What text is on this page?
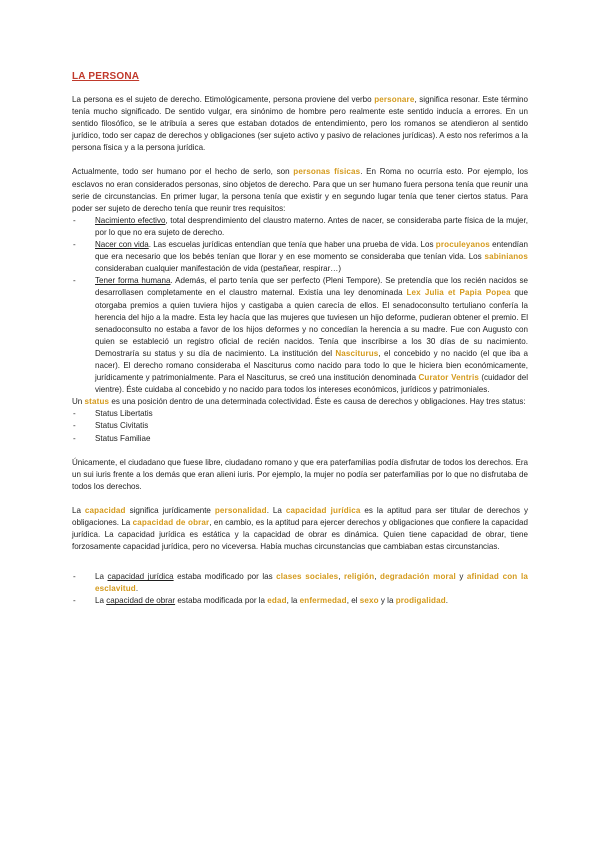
LA PERSONA

La persona es el sujeto de derecho. Etimológicamente, persona proviene del verbo personare, significa resonar. Este término tenía mucho significado. De sentido vulgar, era sinónimo de hombre pero realmente este sentido inducía a errores. En un sentido filosófico, se le atribuía a seres que estaban dotados de entendimiento, pero los romanos se atendieron al sentido jurídico, todo ser capaz de derechos y obligaciones (ser sujeto activo y pasivo de relaciones jurídicas). A esto nos referimos a la persona física y a la persona jurídica.

Actualmente, todo ser humano por el hecho de serlo, son personas físicas. En Roma no ocurría esto. Por ejemplo, los esclavos no eran considerados personas, sino objetos de derecho. Para que un ser humano fuera persona tenía que reunir una serie de circunstancias. En primer lugar, la persona tenía que existir y en segundo lugar tenía que tener ciertos status. Para poder ser sujeto de derecho tenía que reunir tres requisitos:

- Nacimiento efectivo, total desprendimiento del claustro materno. Antes de nacer, se consideraba parte física de la mujer, por lo que no era sujeto de derecho.
- Nacer con vida. Las escuelas jurídicas entendían que tenía que haber una prueba de vida. Los proculeyanos entendían que era necesario que los bebés tenían que llorar y en ese momento se consideraba que tenían vida. Los sabinianos consideraban cualquier manifestación de vida (pestañear, respirar…)
- Tener forma humana. Además, el parto tenía que ser perfecto (Pleni Tempore). Se pretendía que los recién nacidos se desarrollasen completamente en el claustro maternal. Existía una ley denominada Lex Julia et Papia Popea que otorgaba premios a quien tuviera hijos y castigaba a quien carecía de ellos. El senadoconsulto tertuliano confería la herencia del hijo a la madre. Esta ley hacía que las mujeres que tuviesen un hijo deforme, pudieran obtener el premio. El senadoconsulto no estaba a favor de los hijos deformes y no concedían la herencia a su madre. Fue con Augusto con quien se estableció un registro oficial de recién nacidos. Tenía que inscribirse a los 30 días de su nacimiento. Demostraría su status y su día de nacimiento. La institución del Nasciturus, el concebido y no nacido (el que iba a nacer). El derecho romano consideraba el Nasciturus como nacido para todo lo que le hiciera bien económicamente, jurídicamente y patrimonialmente. Para el Nasciturus, se creó una institución denominada Curator Ventris (cuidador del vientre). Éste cuidaba al concebido y no nacido para todos los intereses económicos, jurídicos y patrimoniales.

Un status es una posición dentro de una determinada colectividad. Éste es causa de derechos y obligaciones. Hay tres status:

- Status Libertatis
- Status Civitatis
- Status Familiae

Únicamente, el ciudadano que fuese libre, ciudadano romano y que era paterfamilias podía disfrutar de todos los derechos. Era un sui iuris frente a los demás que eran alieni iuris. Por ejemplo, la mujer no podía ser paterfamilias por lo que no disfrutaba de todos los derechos.

La capacidad significa jurídicamente personalidad. La capacidad jurídica es la aptitud para ser titular de derechos y obligaciones. La capacidad de obrar, en cambio, es la aptitud para ejercer derechos y obligaciones que confiere la capacidad jurídica. La capacidad jurídica es estática y la capacidad de obrar es dinámica. Quien tiene capacidad de obrar, tiene forzosamente capacidad jurídica, pero no viceversa. Había muchas circunstancias que cambiaban estas circunstancias.

- La capacidad jurídica estaba modificado por las clases sociales, religión, degradación moral y afinidad con la esclavitud.
- La capacidad de obrar estaba modificada por la edad, la enfermedad, el sexo y la prodigalidad.
